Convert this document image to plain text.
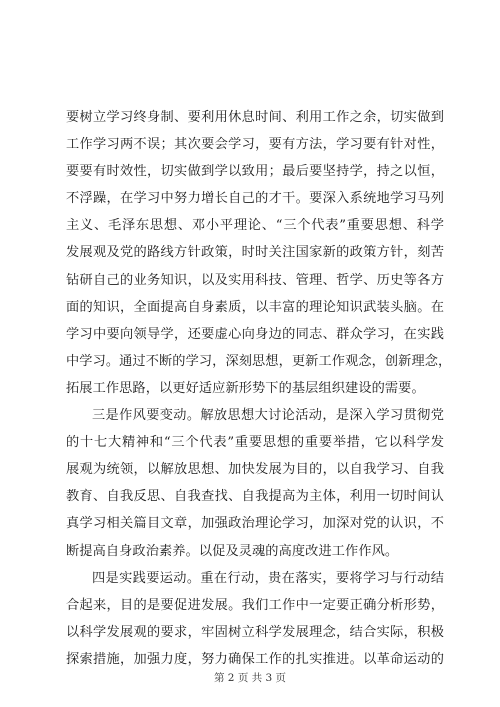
要树立学习终身制、要利用休息时间、利用工作之余，切实做到
工作学习两不误；其次要会学习，要有方法，学习要有针对性，
要要有时效性，切实做到学以致用；最后要坚持学，持之以恒，
不浮躁，在学习中努力增长自己的才干。要深入系统地学习马列
主义、毛泽东思想、邓小平理论、“三个代表”重要思想、科学
发展观及党的路线方针政策，时时关注国家新的政策方针，刻苦
钻研自己的业务知识，以及实用科技、管理、哲学、历史等各方
面的知识，全面提高自身素质，以丰富的理论知识武装头脑。在
学习中要向领导学，还要虚心向身边的同志、群众学习，在实践
中学习。通过不断的学习，深刻思想，更新工作观念，创新理念，
拓展工作思路，以更好适应新形势下的基层组织建设的需要。
三是作风要变动。解放思想大讨论活动，是深入学习贯彻党
的十七大精神和“三个代表”重要思想的重要举措，它以科学发
展观为统领，以解放思想、加快发展为目的，以自我学习、自我
教育、自我反思、自我查找、自我提高为主体，利用一切时间认
真学习相关篇目文章，加强政治理论学习，加深对党的认识，不
断提高自身政治素养。以促及灵魂的高度改进工作作风。
四是实践要运动。重在行动，贵在落实，要将学习与行动结
合起来，目的是要促进发展。我们工作中一定要正确分析形势，
以科学发展观的要求，牢固树立科学发展理念，结合实际，积极
探索措施，加强力度，努力确保工作的扎实推进。以革命运动的
第 2 页 共 3 页
